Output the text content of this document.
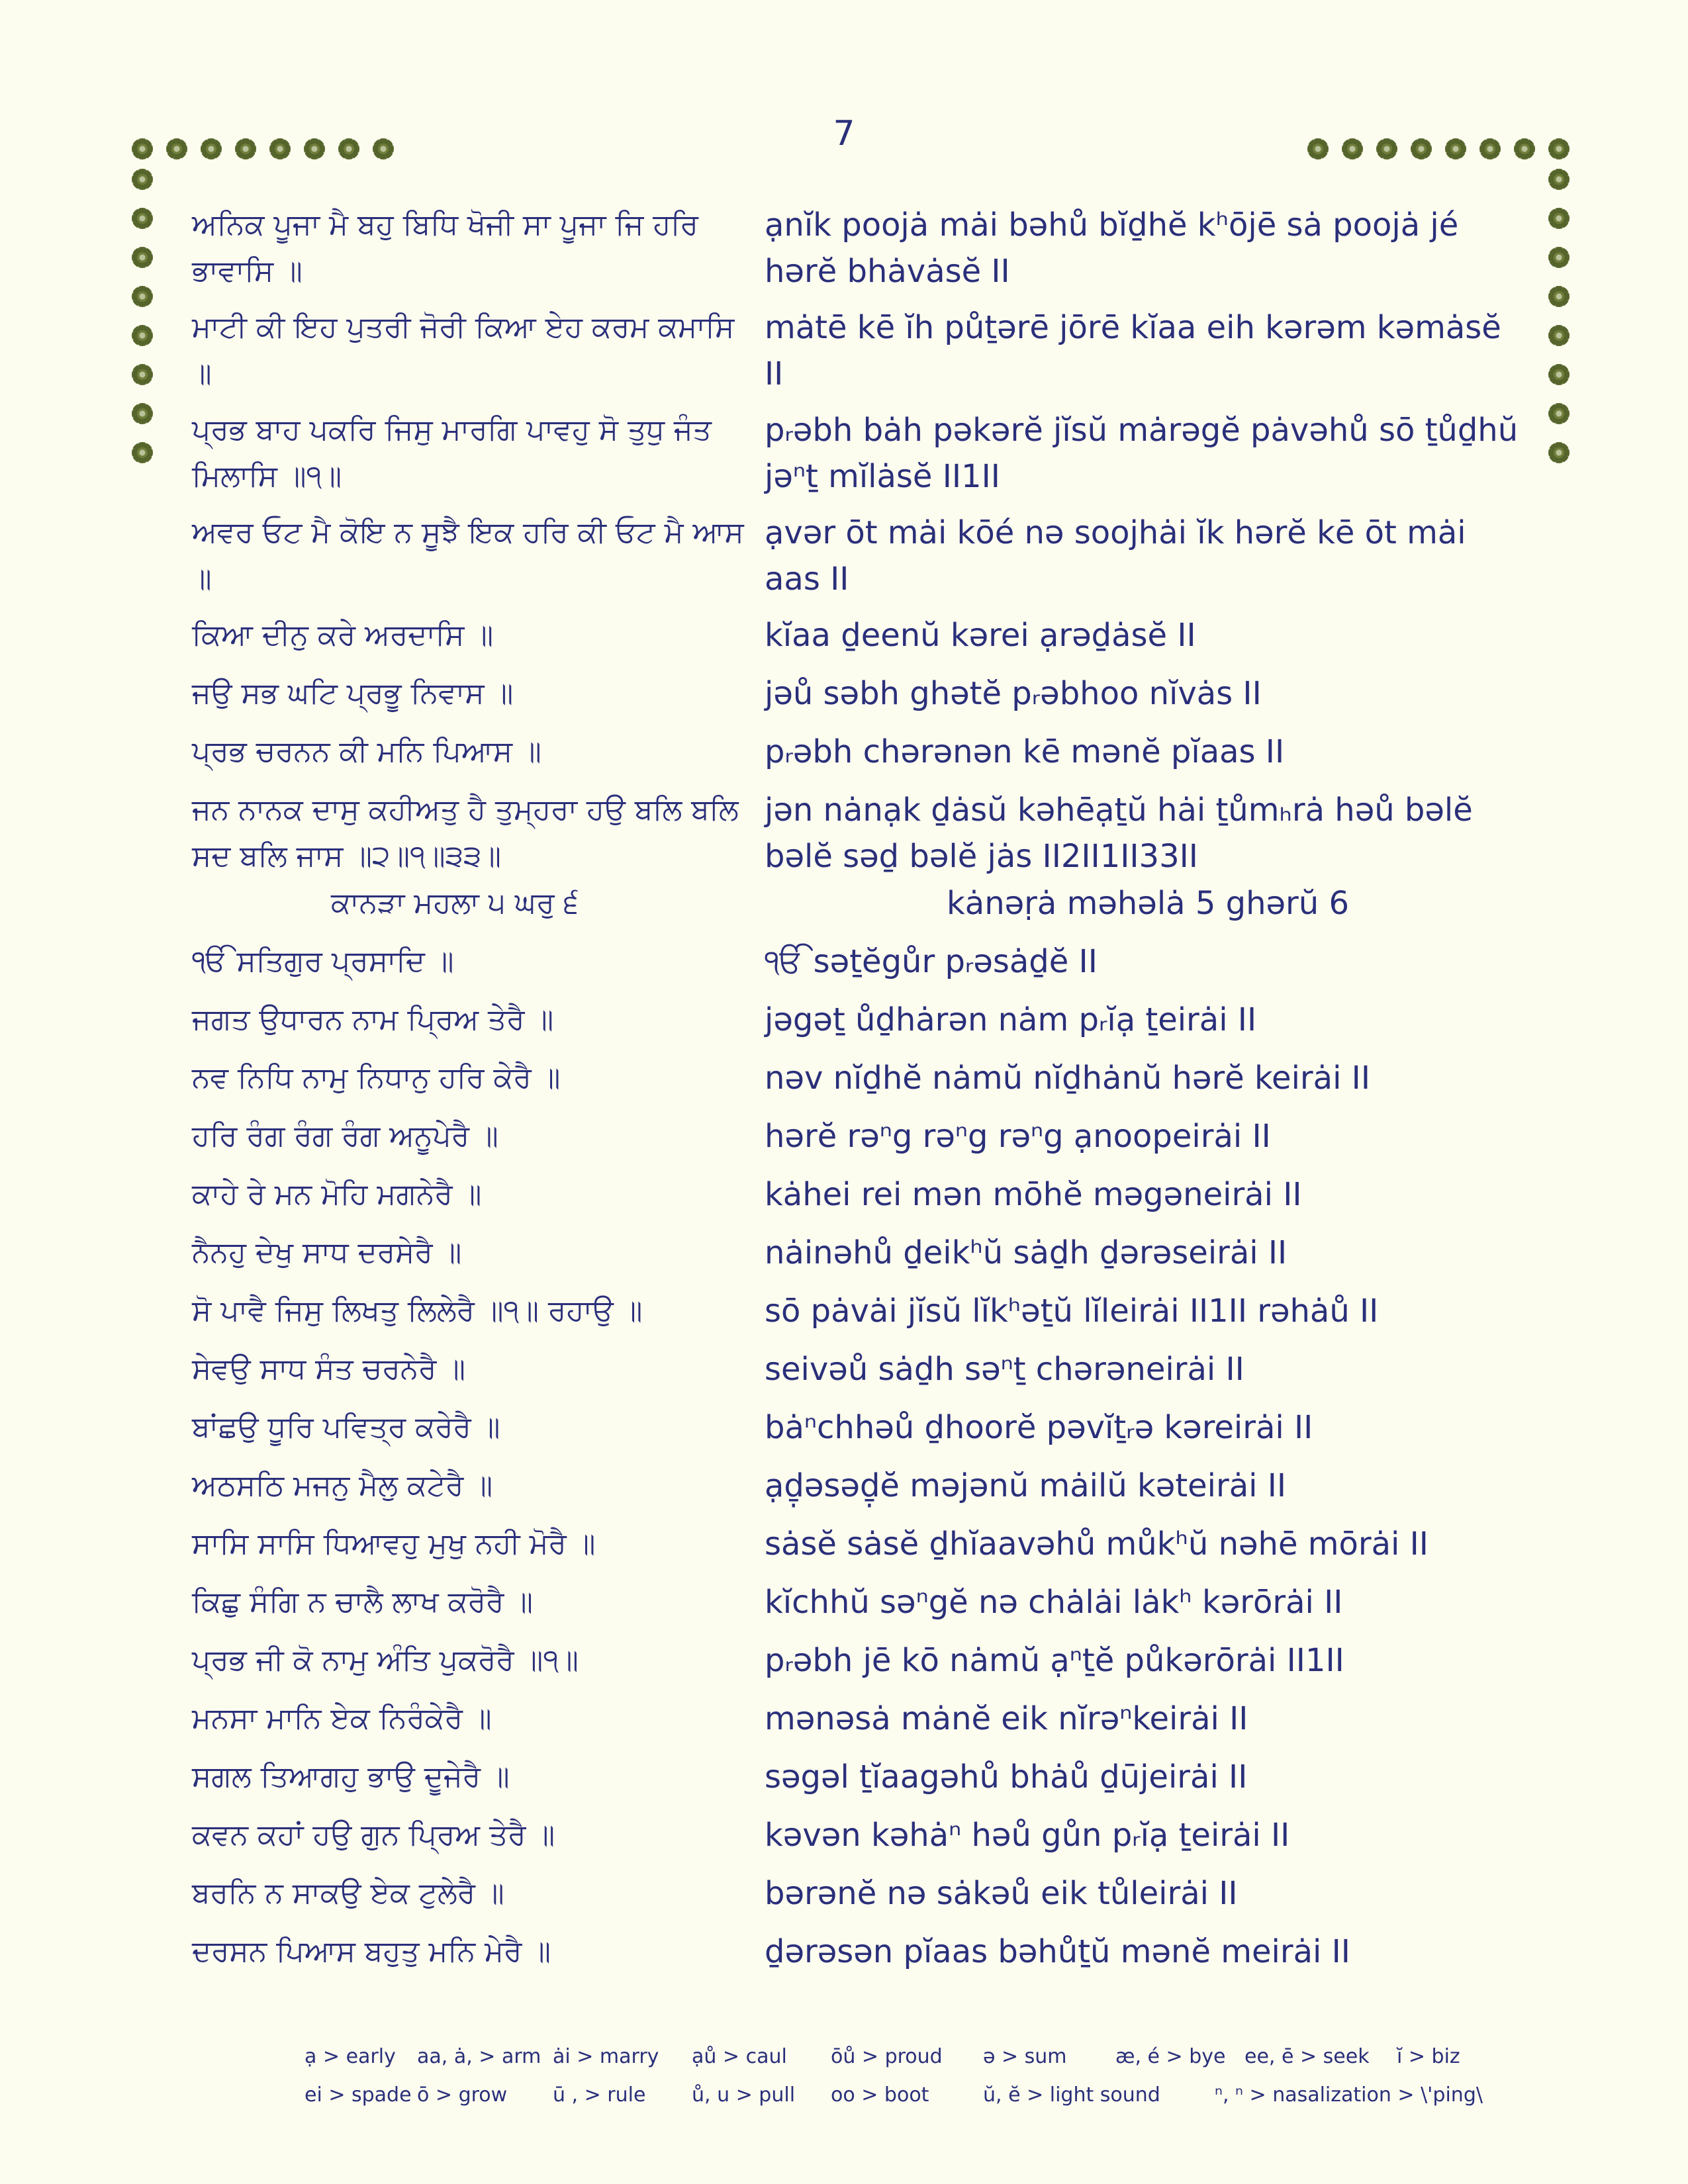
7
ਅਨਿਕ ਪੂਜਾ ਮੈ ਬਹੁ ਬਿਧਿ ਖੋਜੀ ਸਾ ਪੂਜਾ ਜਿ ਹਰਿ ਭਾਵਾਸਿ ॥
ạnĭk poojȧ mȧi bəhů bĭḏhĕ kʰōjē sȧ poojȧ jé hərĕ bhȧvȧsĕ II
ਮਾਟੀ ਕੀ ਇਹ ਪੁਤਰੀ ਜੋਰੀ ਕਿਆ ਏਹ ਕਰਮ ਕਮਾਸਿ ॥
mȧtē kē ĭh půṯərē jōrē kĭaa eih kərəm kəmȧsĕ II
ਪ੍ਰਭ ਬਾਹ ਪਕਰਿ ਜਿਸੁ ਮਾਰਗਿ ਪਾਵਹੁ ਸੋ ਤੁਧੁ ਜੰਤ ਮਿਲਾਸਿ ॥੧॥
pᵣəbh bȧh pəkərĕ jĭsŭ mȧrəgĕ pȧvəhů sō ṯůḏhŭ jəⁿṯ mĭlȧsĕ II1II
ਅਵਰ ਓਟ ਮੈ ਕੋਇ ਨ ਸੂਝੈ ਇਕ ਹਰਿ ਕੀ ਓਟ ਮੈ ਆਸ ॥
ạvər ōt mȧi kōé nə soojhȧi ĭk hərĕ kē ōt mȧi aas II
ਕਿਆ ਦੀਨੁ ਕਰੇ ਅਰਦਾਸਿ ॥	kĭaa ḏeenŭ kərei ạrəḏȧsĕ II
ਜਉ ਸਭ ਘਟਿ ਪ੍ਰਭੂ ਨਿਵਾਸ ॥	jəů səbh ghətĕ pᵣəbhoo nĭvȧs II
ਪ੍ਰਭ ਚਰਨਨ ਕੀ ਮਨਿ ਪਿਆਸ ॥	pᵣəbh chərənən kē mənĕ pĭaas II
ਜਨ ਨਾਨਕ ਦਾਸੁ ਕਹੀਅਤੁ ਹੈ ਤੁਮ੍ਹਰਾ ਹਉ ਬਲਿ ਬਲਿ ਸਦ ਬਲਿ ਜਾਸ ॥੨॥੧॥੩੩॥
jən nȧnạk ḏȧsŭ kəhēạṯŭ hȧi ṯůmₕrȧ həů bəlĕ bəlĕ səḏ bəlĕ jȧs II2II1II33II
ਕਾਨੜਾ ਮਹਲਾ ੫ ਘਰੁ ੬	kȧnəṛȧ məhəlȧ 5 ghərŭ 6
ੴ ਸਤਿਗੁਰ ਪ੍ਰਸਾਦਿ ॥	ੴ səṯĕgůr pᵣəsȧḏĕ II
ਜਗਤ ਉਧਾਰਨ ਨਾਮ ਪ੍ਰਿਅ ਤੇਰੈ ॥	jəgəṯ ůḏhȧrən nȧm pᵣĭạ ṯeirȧi II
ਨਵ ਨਿਧਿ ਨਾਮੁ ਨਿਧਾਨੁ ਹਰਿ ਕੇਰੈ ॥	nəv nĭḏhĕ nȧmŭ nĭḏhȧnŭ hərĕ keirȧi II
ਹਰਿ ਰੰਗ ਰੰਗ ਰੰਗ ਅਨੂਪੇਰੈ ॥	hərĕ rəⁿg rəⁿg rəⁿg ạnoopeirȧi II
ਕਾਹੇ ਰੇ ਮਨ ਮੋਹਿ ਮਗਨੇਰੈ ॥	kȧhei rei mən mōhĕ məgəneirȧi II
ਨੈਨਹੁ ਦੇਖੁ ਸਾਧ ਦਰਸੇਰੈ ॥	nȧinəhů ḏeikʰŭ sȧḏh ḏərəseirȧi II
ਸੋ ਪਾਵੈ ਜਿਸੁ ਲਿਖਤੁ ਲਿਲੇਰੈ ॥੧॥ ਰਹਾਉ ॥	sō pȧvȧi jĭsŭ lĭkʰəṯŭ lĭleirȧi II1II rəhȧů II
ਸੇਵਉ ਸਾਧ ਸੰਤ ਚਰਨੇਰੈ ॥	seivəů sȧḏh səⁿṯ chərəneirȧi II
ਬਾਂਛਉ ਧੂਰਿ ਪਵਿਤ੍ਰ ਕਰੇਰੈ ॥	bȧⁿchhəů ḏhoorĕ pəvĭṯᵣə kəreirȧi II
ਅਠਸਠਿ ਮਜਨੁ ਮੈਲੁ ਕਟੇਰੈ ॥	ạḏ̣əsəḏ̣ĕ məjənŭ mȧilŭ kəteirȧi II
ਸਾਸਿ ਸਾਸਿ ਧਿਆਵਹੁ ਮੁਖੁ ਨਹੀ ਮੋਰੈ ॥	sȧsĕ sȧsĕ ḏhĭaavəhů můkʰŭ nəhē mōrȧi II
ਕਿਛੁ ਸੰਗਿ ਨ ਚਾਲੈ ਲਾਖ ਕਰੋਰੈ ॥	kĭchhŭ səⁿgĕ nə chȧlȧi lȧkʰ kərōrȧi II
ਪ੍ਰਭ ਜੀ ਕੋ ਨਾਮੁ ਅੰਤਿ ਪੁਕਰੋਰੈ ॥੧॥	pᵣəbh jē kō nȧmŭ ạⁿṯĕ půkərōrȧi II1II
ਮਨਸਾ ਮਾਨਿ ਏਕ ਨਿਰੰਕੇਰੈ ॥	mənəsȧ mȧnĕ eik nĭrəⁿkeirȧi II
ਸਗਲ ਤਿਆਗਹੁ ਭਾਉ ਦੂਜੇਰੈ ॥	səgəl ṯĭaagəhů bhȧů ḏūjeirȧi II
ਕਵਨ ਕਹਾਂ ਹਉ ਗੁਨ ਪ੍ਰਿਅ ਤੇਰੈ ॥	kəvən kəhȧⁿ həů gůn pᵣĭạ ṯeirȧi II
ਬਰਨਿ ਨ ਸਾਕਉ ਏਕ ਟੁਲੇਰੈ ॥	bərənĕ nə sȧkəů eik tůleirȧi II
ਦਰਸਨ ਪਿਆਸ ਬਹੁਤੁ ਮਨਿ ਮੇਰੈ ॥	ḏərəsən pĭaas bəhůṯŭ mənĕ meirȧi II
ạ > early aa, ȧ, > arm ȧi > marry ạů > caul ōů > proud ə > sum æ, é > bye ee, ē > seek ĭ > biz
ei > spade ō > grow ū , > rule ů, u > pull oo > boot	ŭ, ĕ > light sound	ⁿ, ⁿ > nasalization > \'ping\
